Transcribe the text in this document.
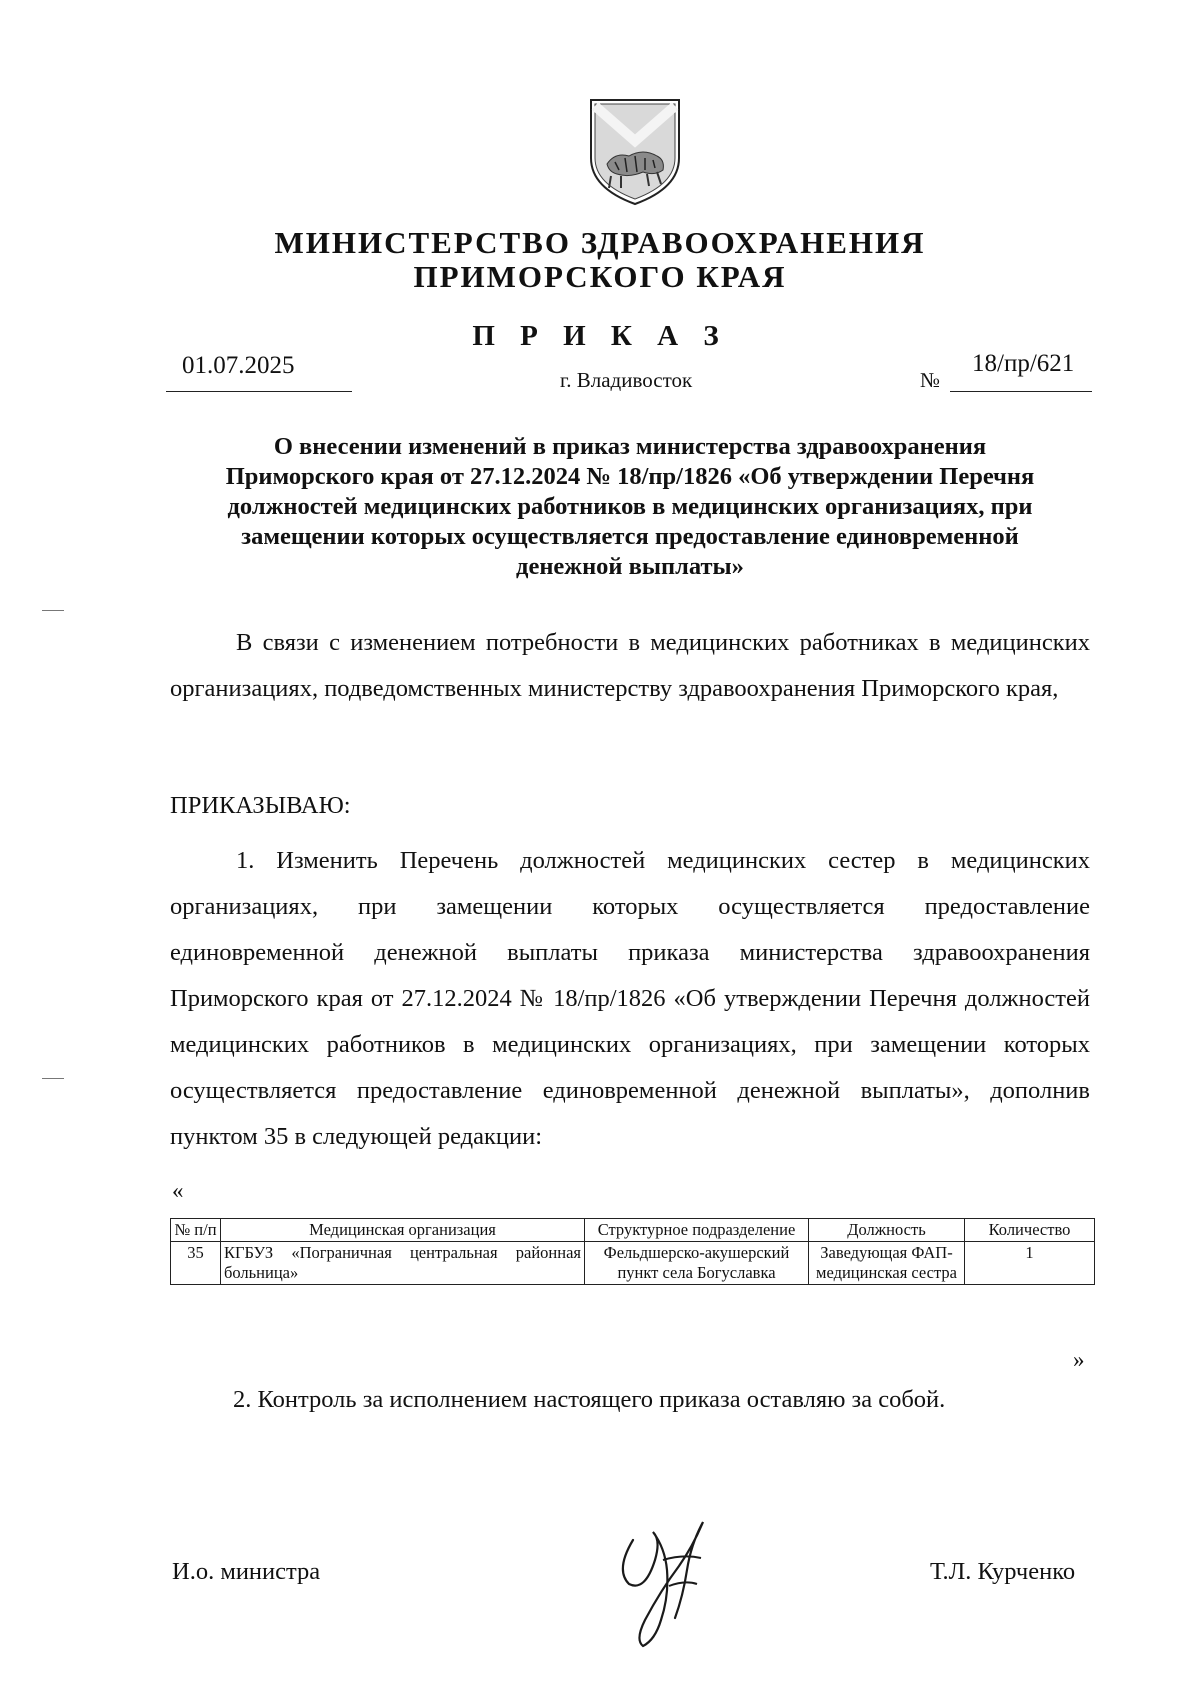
МИНИСТЕРСТВО ЗДРАВООХРАНЕНИЯ
ПРИМОРСКОГО КРАЯ
П Р И К А З
01.07.2025
г. Владивосток	№
18/пр/621
О внесении изменений в приказ министерства здравоохранения
Приморского края от 27.12.2024 № 18/пр/1826 «Об утверждении Перечня
должностей медицинских работников в медицинских организациях, при
замещении которых осуществляется предоставление единовременной
денежной выплаты»
В связи с изменением потребности в медицинских работниках в медицинских организациях, подведомственных министерству здравоохранения Приморского края,
ПРИКАЗЫВАЮ:
1. Изменить Перечень должностей медицинских сестер в медицинских организациях, при замещении которых осуществляется предоставление единовременной денежной выплаты приказа министерства здравоохранения Приморского края от 27.12.2024 № 18/пр/1826 «Об утверждении Перечня должностей медицинских работников в медицинских организациях, при замещении которых осуществляется предоставление единовременной денежной выплаты», дополнив пунктом 35 в следующей редакции:
«
№ п/п	Медицинская организация	Структурное подразделение	Должность	Количество
35	КГБУЗ «Пограничная центральная районная больница»	Фельдшерско-акушерский пункт села Богуславка	Заведующая ФАП-медицинская сестра	1
»
2. Контроль за исполнением настоящего приказа оставляю за собой.
И.о. министра	Т.Л. Курченко
